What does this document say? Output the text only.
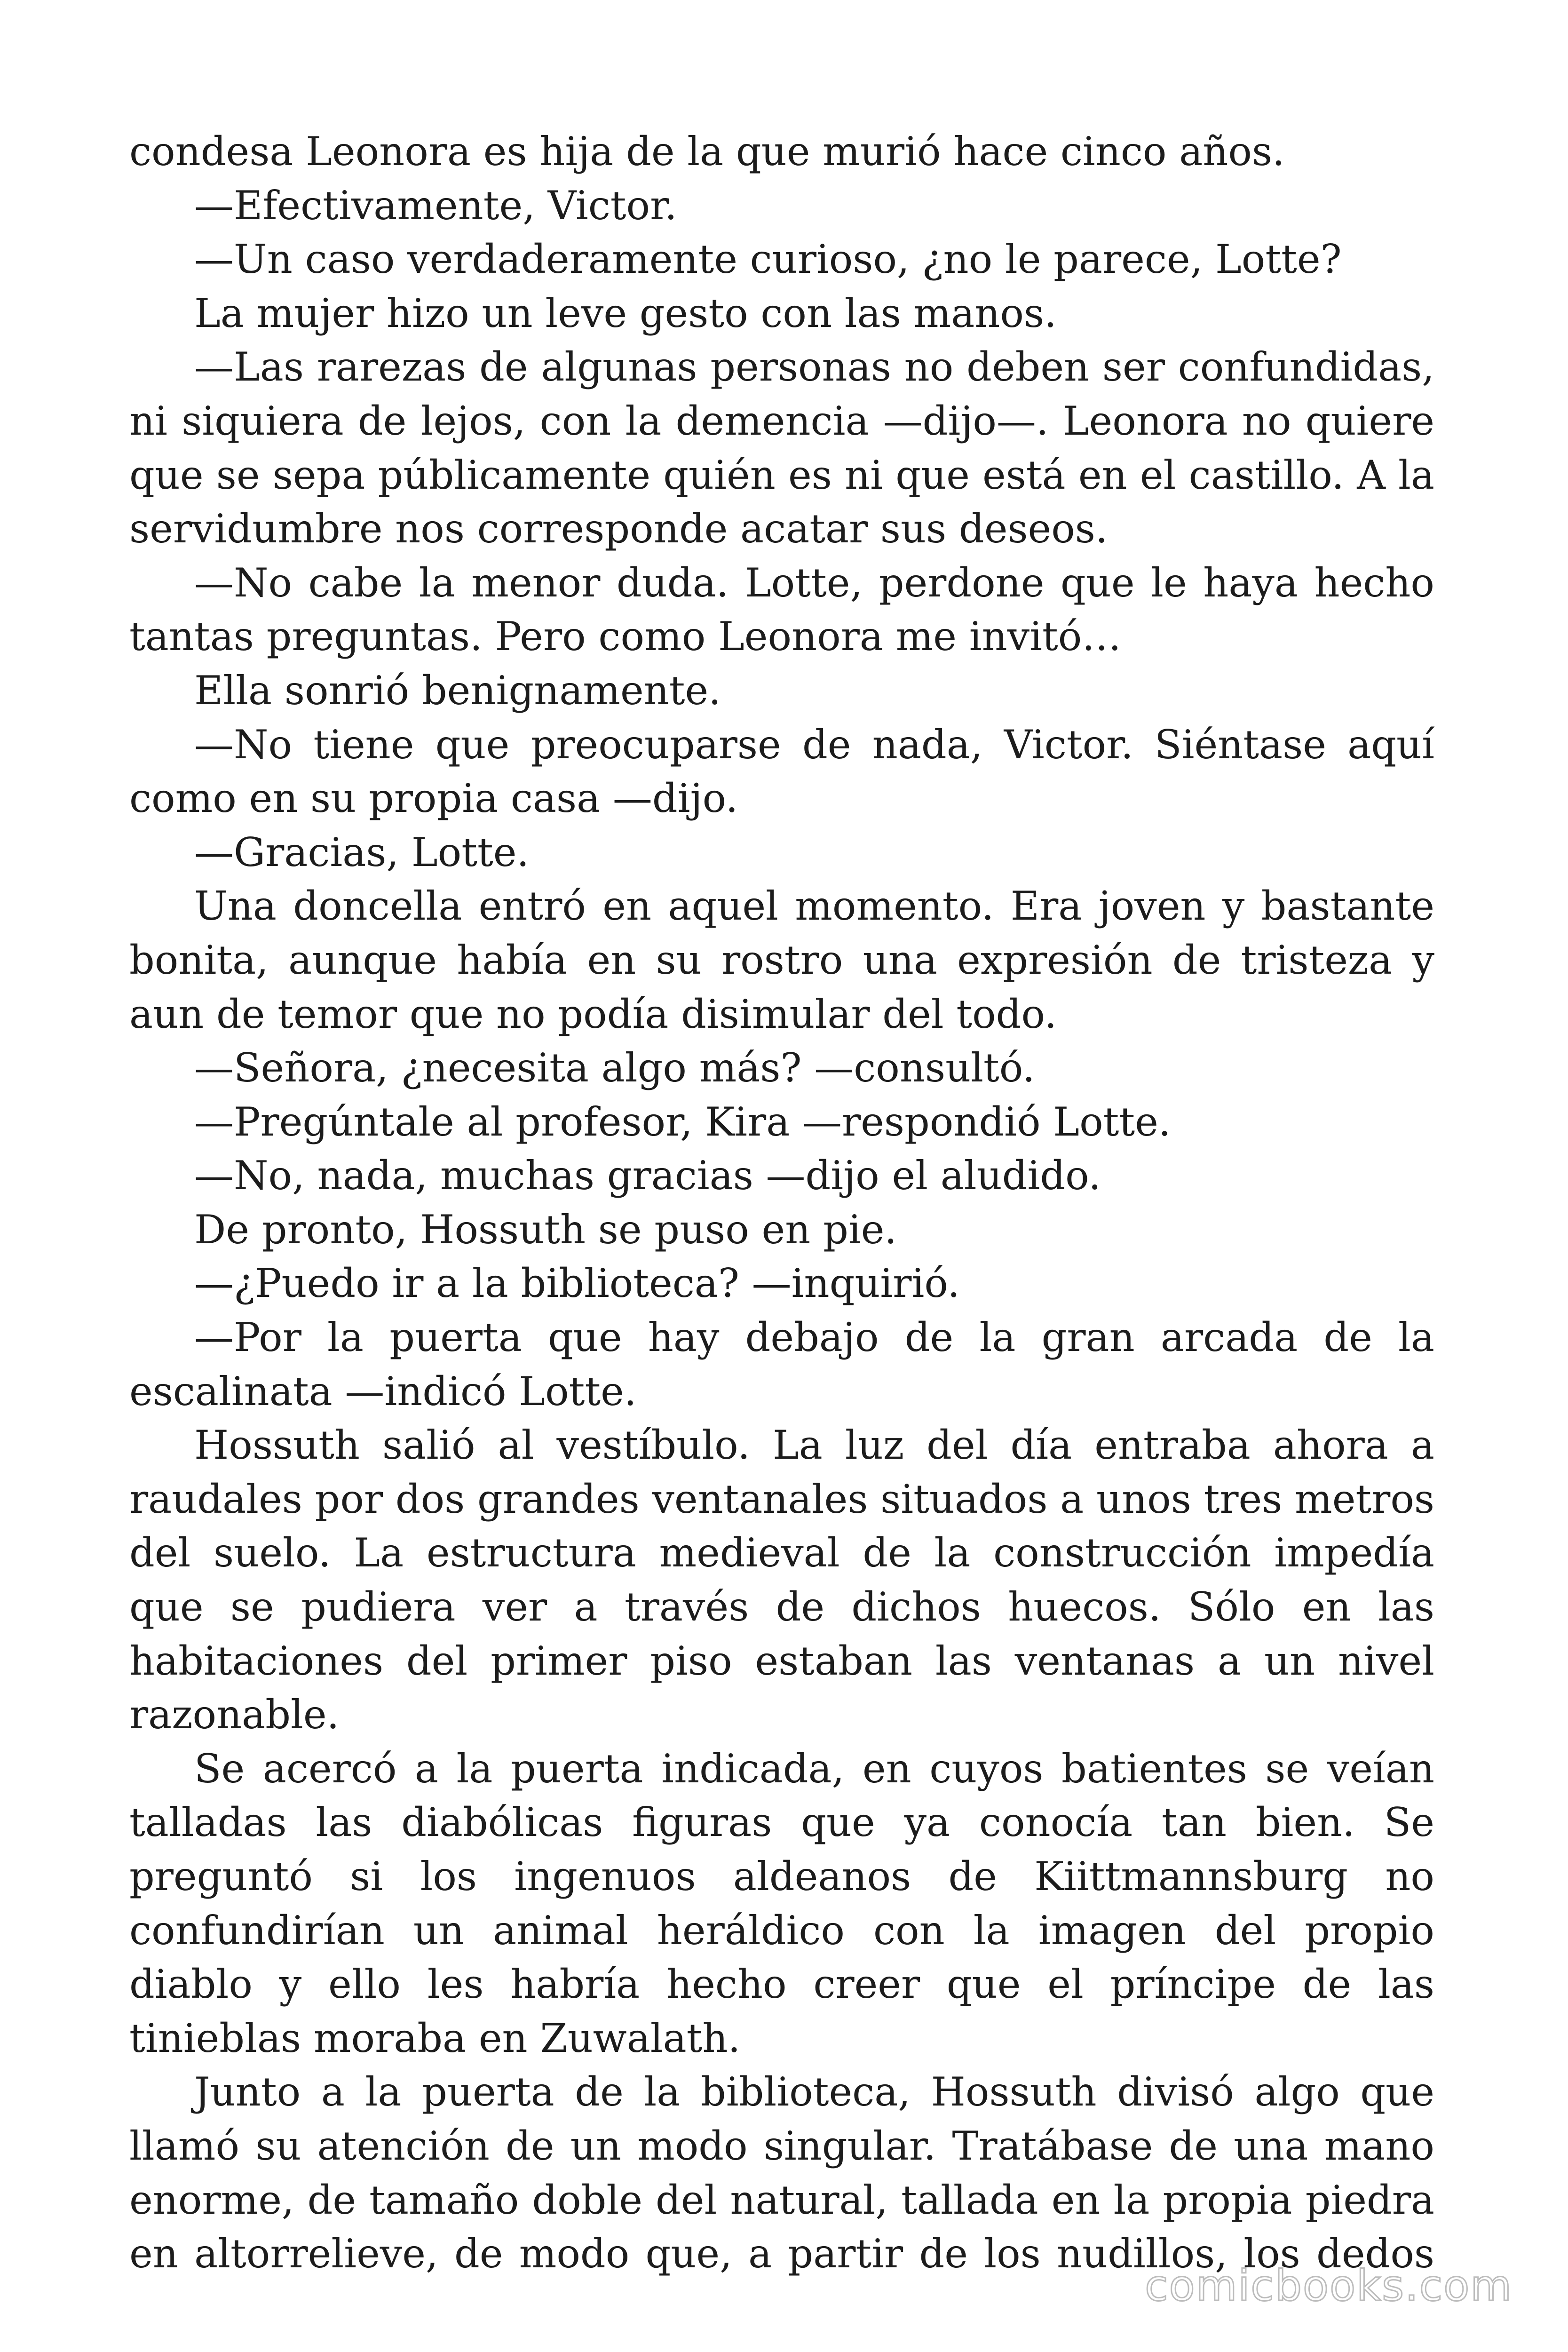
condesa Leonora es hija de la que murió hace cinco años.

—Efectivamente, Victor.

—Un caso verdaderamente curioso, ¿no le parece, Lotte?

La mujer hizo un leve gesto con las manos.

—Las rarezas de algunas personas no deben ser confundidas, ni siquiera de lejos, con la demencia —dijo—. Leonora no quiere que se sepa públicamente quién es ni que está en el castillo. A la servidumbre nos corresponde acatar sus deseos.

—No cabe la menor duda. Lotte, perdone que le haya hecho tantas preguntas. Pero como Leonora me invitó…

Ella sonrió benignamente.

—No tiene que preocuparse de nada, Victor. Siéntase aquí como en su propia casa —dijo.

—Gracias, Lotte.

Una doncella entró en aquel momento. Era joven y bastante bonita, aunque había en su rostro una expresión de tristeza y aun de temor que no podía disimular del todo.

—Señora, ¿necesita algo más? —consultó.

—Pregúntale al profesor, Kira —respondió Lotte.

—No, nada, muchas gracias —dijo el aludido.

De pronto, Hossuth se puso en pie.

—¿Puedo ir a la biblioteca? —inquirió.

—Por la puerta que hay debajo de la gran arcada de la escalinata —indicó Lotte.

Hossuth salió al vestíbulo. La luz del día entraba ahora a raudales por dos grandes ventanales situados a unos tres metros del suelo. La estructura medieval de la construcción impedía que se pudiera ver a través de dichos huecos. Sólo en las habitaciones del primer piso estaban las ventanas a un nivel razonable.

Se acercó a la puerta indicada, en cuyos batientes se veían talladas las diabólicas figuras que ya conocía tan bien. Se preguntó si los ingenuos aldeanos de Kiittmannsburg no confundirían un animal heráldico con la imagen del propio diablo y ello les habría hecho creer que el príncipe de las tinieblas moraba en Zuwalath.

Junto a la puerta de la biblioteca, Hossuth divisó algo que llamó su atención de un modo singular. Tratábase de una mano enorme, de tamaño doble del natural, tallada en la propia piedra en altorrelieve, de modo que, a partir de los nudillos, los dedos

comicbooks.com
